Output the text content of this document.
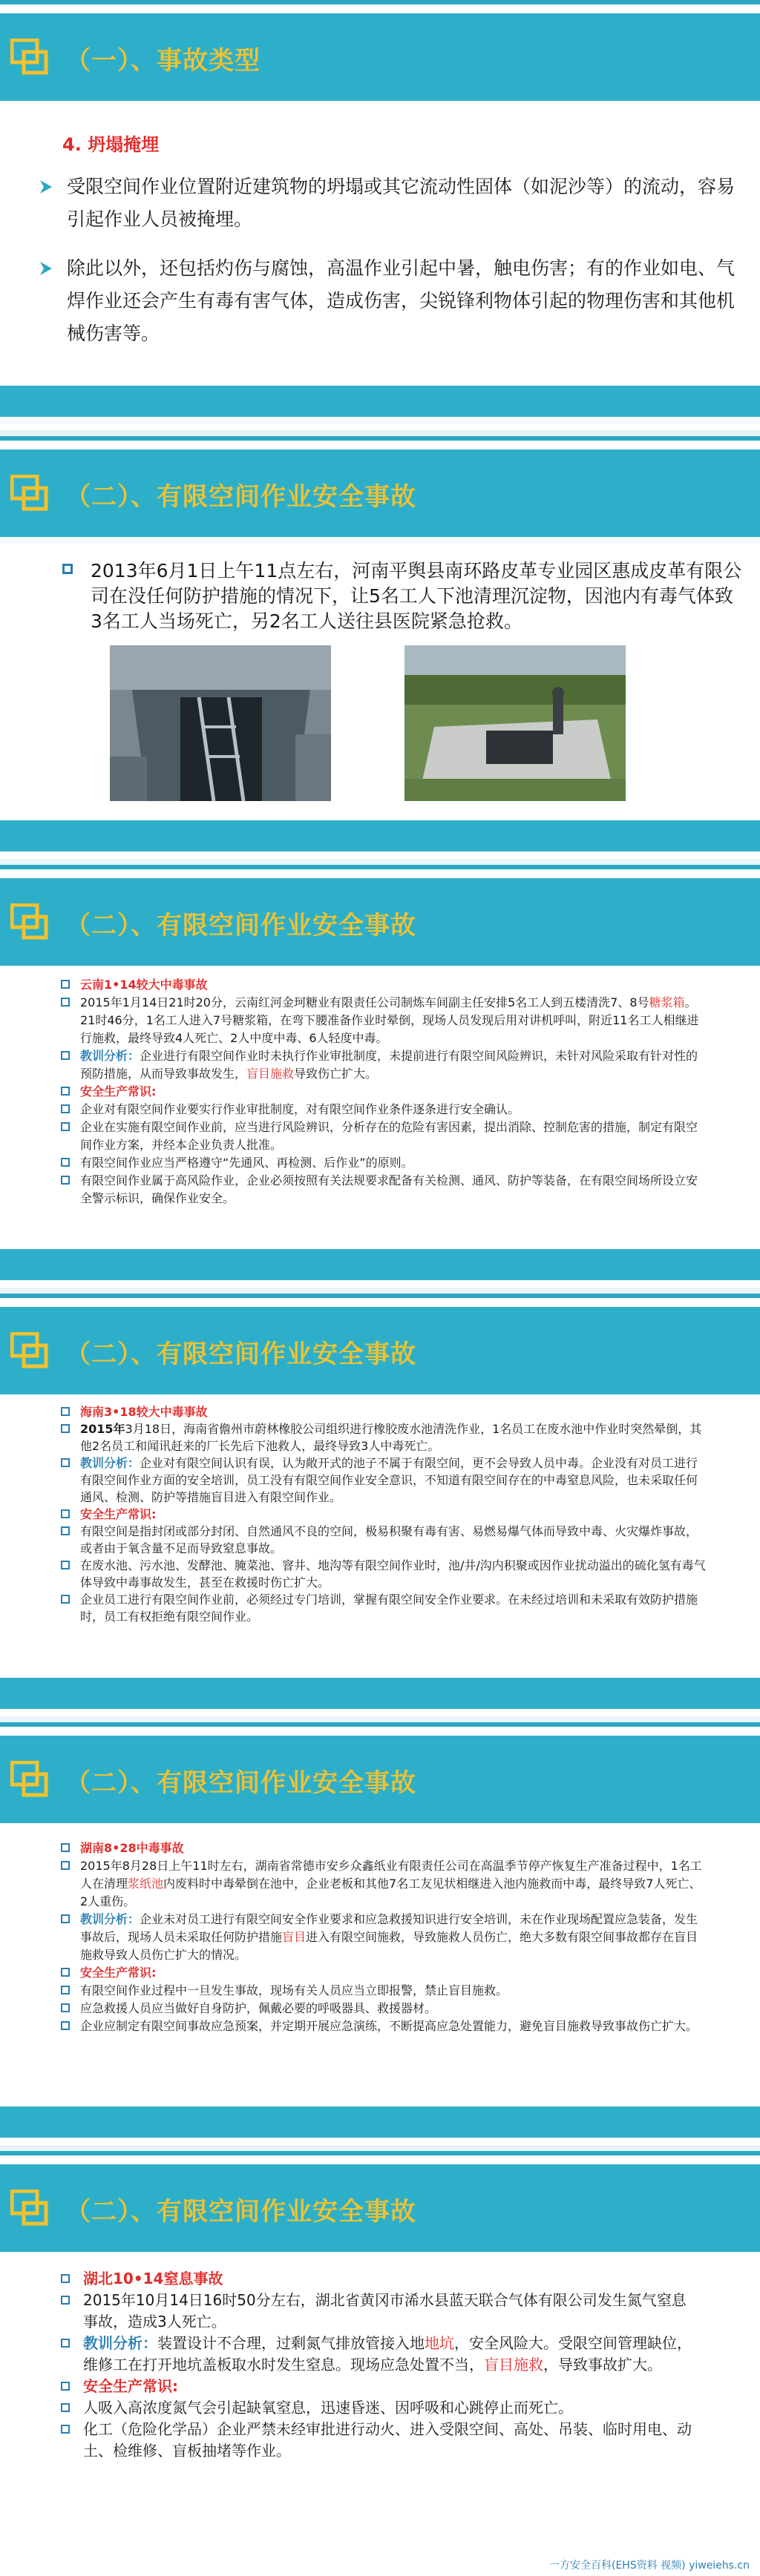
（一）、事故类型
4. 坍塌掩埋
受限空间作业位置附近建筑物的坍塌或其它流动性固体（如泥沙等）的流动，容易引起作业人员被掩埋。
除此以外，还包括灼伤与腐蚀，高温作业引起中暑，触电伤害；有的作业如电、气焊作业还会产生有毒有害气体，造成伤害，尖锐锋利物体引起的物理伤害和其他机械伤害等。
（二）、有限空间作业安全事故
2013年6月1日上午11点左右，河南平舆县南环路皮革专业园区惠成皮革有限公司在没任何防护措施的情况下，让5名工人下池清理沉淀物，因池内有毒气体致3名工人当场死亡，另2名工人送往县医院紧急抢救。
（二）、有限空间作业安全事故
云南1•14较大中毒事故
2015年1月14日21时20分，云南红河金珂糖业有限责任公司制炼车间副主任安排5名工人到五楼清洗7、8号糖浆箱。21时46分，1名工人进入7号糖浆箱，在弯下腰准备作业时晕倒，现场人员发现后用对讲机呼叫，附近11名工人相继进行施救，最终导致4人死亡、2人中度中毒、6人轻度中毒。
教训分析：企业进行有限空间作业时未执行作业审批制度，未提前进行有限空间风险辨识，未针对风险采取有针对性的预防措施，从而导致事故发生，盲目施救导致伤亡扩大。
安全生产常识:
企业对有限空间作业要实行作业审批制度，对有限空间作业条件逐条进行安全确认。
企业在实施有限空间作业前，应当进行风险辨识，分析存在的危险有害因素，提出消除、控制危害的措施，制定有限空间作业方案，并经本企业负责人批准。
有限空间作业应当严格遵守“先通风、再检测、后作业”的原则。
有限空间作业属于高风险作业，企业必须按照有关法规要求配备有关检测、通风、防护等装备，在有限空间场所设立安全警示标识，确保作业安全。
（二）、有限空间作业安全事故
海南3•18较大中毒事故
2015年3月18日，海南省儋州市蔚林橡胶公司组织进行橡胶废水池清洗作业，1名员工在废水池中作业时突然晕倒，其他2名员工和闻讯赶来的厂长先后下池救人，最终导致3人中毒死亡。
教训分析：企业对有限空间认识有误，认为敞开式的池子不属于有限空间，更不会导致人员中毒。企业没有对员工进行有限空间作业方面的安全培训，员工没有有限空间作业安全意识，不知道有限空间存在的中毒窒息风险，也未采取任何通风、检测、防护等措施盲目进入有限空间作业。
安全生产常识:
有限空间是指封闭或部分封闭、自然通风不良的空间，极易积聚有毒有害、易燃易爆气体而导致中毒、火灾爆炸事故，或者由于氧含量不足而导致窒息事故。
在废水池、污水池、发酵池、腌菜池、窨井、地沟等有限空间作业时，池/井/沟内积聚或因作业扰动溢出的硫化氢有毒气体导致中毒事故发生，甚至在救援时伤亡扩大。
企业员工进行有限空间作业前，必须经过专门培训，掌握有限空间安全作业要求。在未经过培训和未采取有效防护措施时，员工有权拒绝有限空间作业。
（二）、有限空间作业安全事故
湖南8•28中毒事故
2015年8月28日上午11时左右，湖南省常德市安乡众鑫纸业有限责任公司在高温季节停产恢复生产准备过程中，1名工人在清理浆纸池内废料时中毒晕倒在池中，企业老板和其他7名工友见状相继进入池内施救而中毒，最终导致7人死亡、2人重伤。
教训分析：企业未对员工进行有限空间安全作业要求和应急救援知识进行安全培训，未在作业现场配置应急装备，发生事故后，现场人员未采取任何防护措施盲目进入有限空间施救，导致施救人员伤亡，绝大多数有限空间事故都存在盲目施救导致人员伤亡扩大的情况。
安全生产常识:
有限空间作业过程中一旦发生事故，现场有关人员应当立即报警，禁止盲目施救。
应急救援人员应当做好自身防护，佩戴必要的呼吸器具、救援器材。
企业应制定有限空间事故应急预案，并定期开展应急演练，不断提高应急处置能力，避免盲目施救导致事故伤亡扩大。
（二）、有限空间作业安全事故
湖北10•14窒息事故
2015年10月14日16时50分左右，湖北省黄冈市浠水县蓝天联合气体有限公司发生氮气窒息事故，造成3人死亡。
教训分析：装置设计不合理，过剩氮气排放管接入地地坑，安全风险大。受限空间管理缺位，维修工在打开地坑盖板取水时发生窒息。现场应急处置不当，盲目施救，导致事故扩大。
安全生产常识:
人吸入高浓度氮气会引起缺氧窒息，迅速昏迷、因呼吸和心跳停止而死亡。
化工（危险化学品）企业严禁未经审批进行动火、进入受限空间、高处、吊装、临时用电、动土、检维修、盲板抽堵等作业。
一方安全百科(EHS资料 视频) yiweiehs.cn
